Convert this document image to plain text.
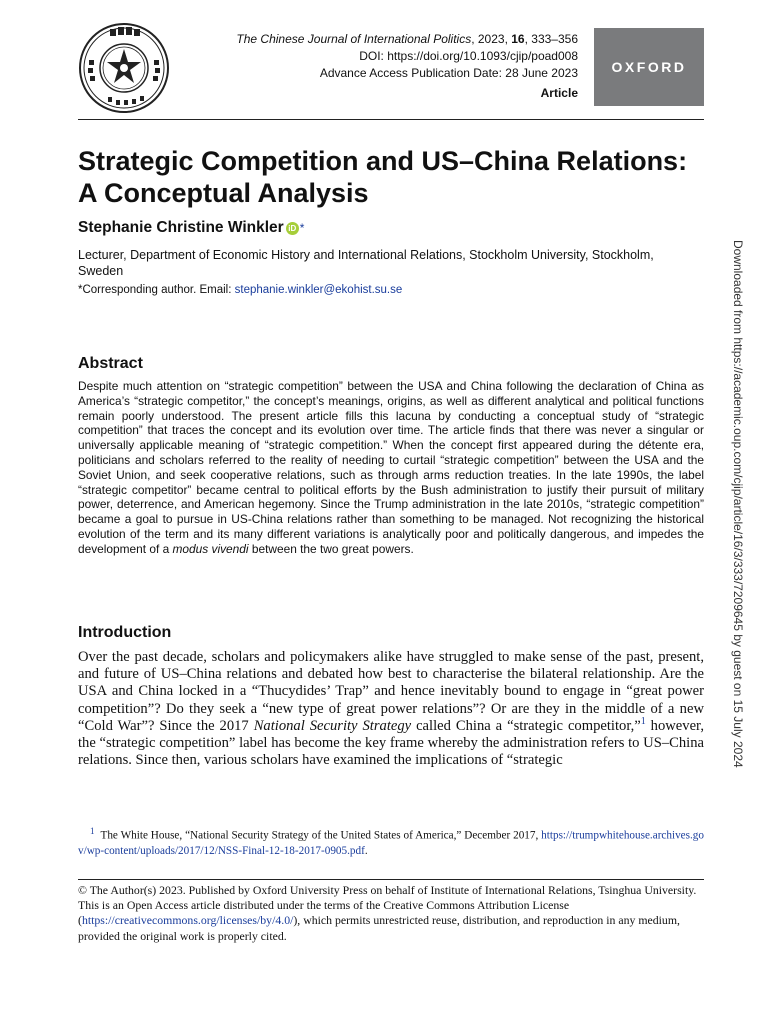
The Chinese Journal of International Politics, 2023, 16, 333–356
DOI: https://doi.org/10.1093/cjip/poad008
Advance Access Publication Date: 28 June 2023
Article
OXFORD
Strategic Competition and US–China Relations: A Conceptual Analysis
Stephanie Christine Winkler iD *
Lecturer, Department of Economic History and International Relations, Stockholm University, Stockholm, Sweden
*Corresponding author. Email: stephanie.winkler@ekohist.su.se
Abstract

Despite much attention on “strategic competition” between the USA and China following the declaration of China as America’s “strategic competitor,” the concept’s meanings, origins, as well as different analytical and political functions remain poorly understood. The present article fills this lacuna by conducting a conceptual study of “strategic competition” that traces the concept and its evolution over time. The article finds that there was never a singular or universally applicable meaning of “strategic competition.” When the concept first appeared during the détente era, politicians and scholars referred to the reality of needing to curtail “strategic competition” between the USA and the Soviet Union, and seek cooperative relations, such as through arms reduction treaties. In the late 1990s, the label “strategic competitor” became central to political efforts by the Bush administration to justify their pursuit of military power, deterrence, and American hegemony. Since the Trump administration in the late 2010s, “strategic competition” became a goal to pursue in US-China relations rather than something to be managed. Not recognizing the historical evolution of the term and its many different variations is analytically poor and politically dangerous, and impedes the development of a modus vivendi between the two great powers.

Introduction

Over the past decade, scholars and policymakers alike have struggled to make sense of the past, present, and future of US–China relations and debated how best to characterise the bilateral relationship. Are the USA and China locked in a “Thucydides’ Trap” and hence inevitably bound to engage in “great power competition”? Do they seek a “new type of great power relations”? Or are they in the middle of a new “Cold War”? Since the 2017 National Security Strategy called China a “strategic competitor,”$^1$ however, the “strategic competition” label has become the key frame whereby the administration refers to US–China relations. Since then, various scholars have examined the implications of “strategic

$^1$ The White House, “National Security Strategy of the United States of America,” December 2017, https://trumpwhitehouse.archives.gov/wp-content/uploads/2017/12/NSS-Final-12-18-2017-0905.pdf.

© The Author(s) 2023. Published by Oxford University Press on behalf of Institute of International Relations, Tsinghua University.

This is an Open Access article distributed under the terms of the Creative Commons Attribution License
(https://creativecommons.org/licenses/by/4.0/), which permits unrestricted reuse, distribution, and reproduction in any medium, provided the original work is properly cited.

Downloaded from https://academic.oup.com/cjip/article/16/3/333/7209645 by guest on 15 July 2024
